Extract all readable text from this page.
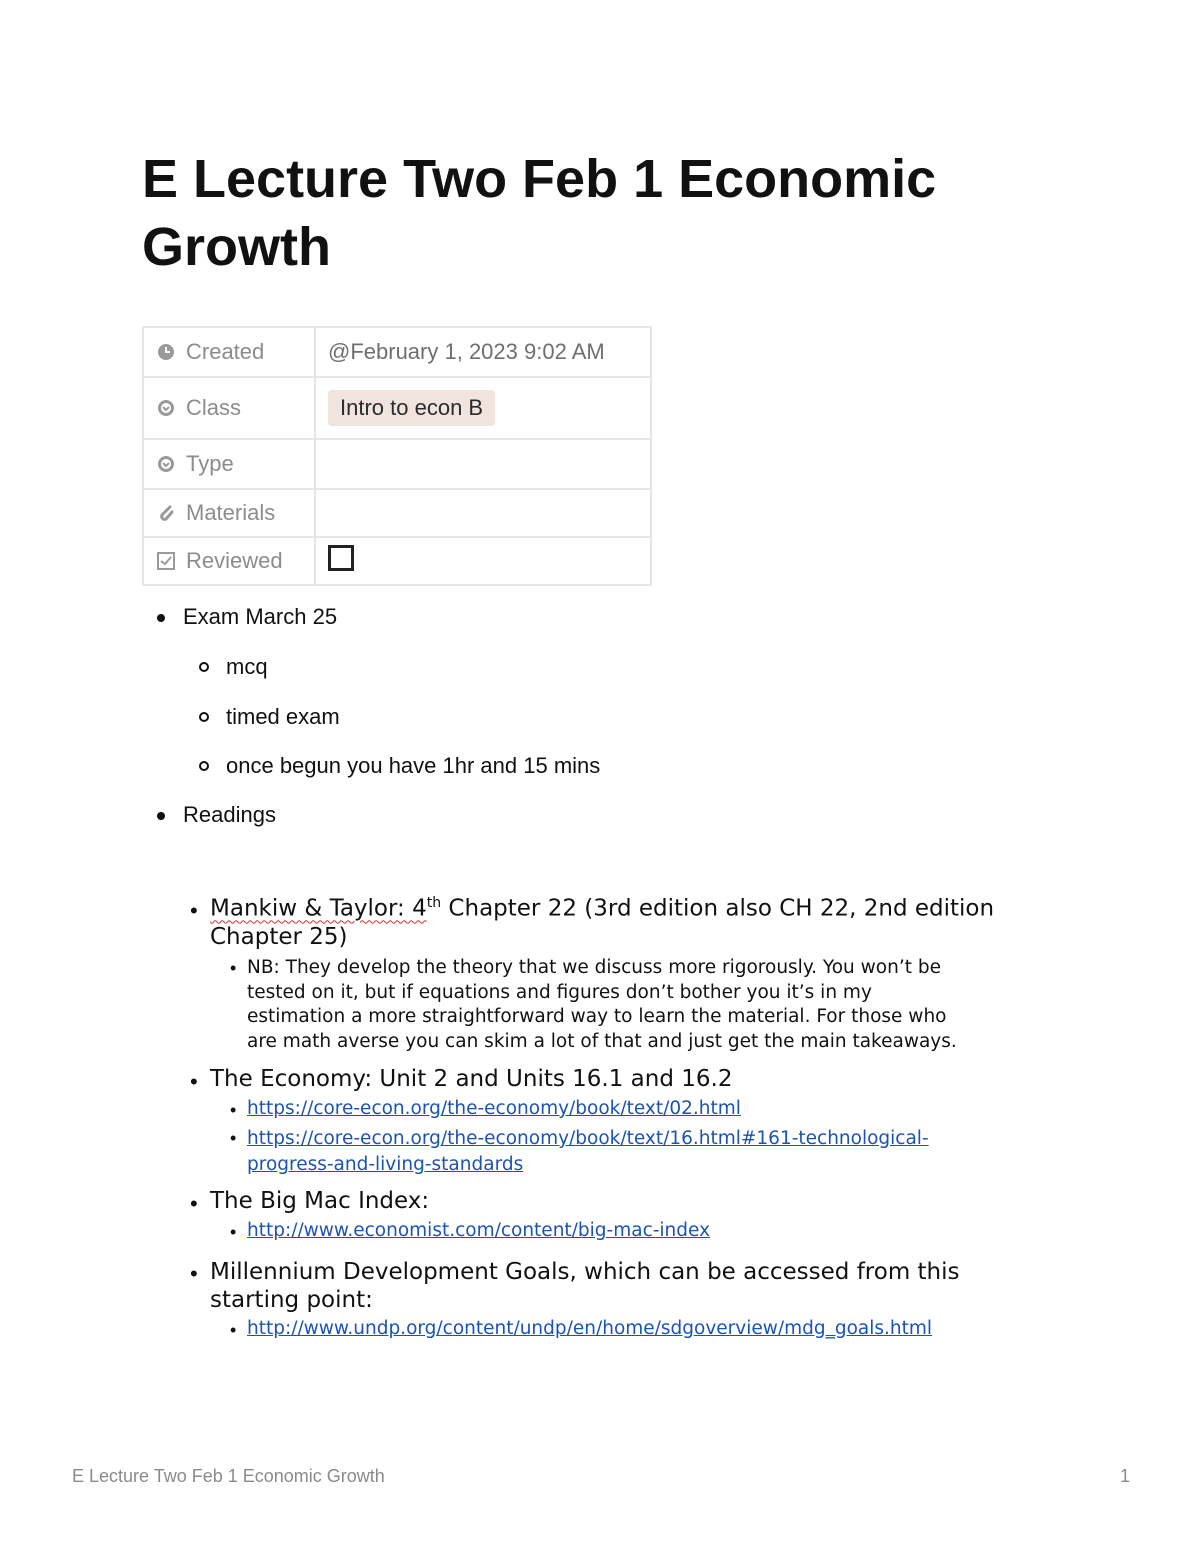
E Lecture Two Feb 1 Economic Growth
Created	@February 1, 2023 9:02 AM

Class	Intro to econ B

Type	

Materials	

Reviewed	

Exam March 25
mcq
timed exam
once begun you have 1hr and 15 mins
Readings
• Mankiw & Taylor: 4th Chapter 22 (3rd edition also CH 22, 2nd edition
Chapter 25)
• NB: They develop the theory that we discuss more rigorously. You won’t be
tested on it, but if equations and figures don’t bother you it’s in my
estimation a more straightforward way to learn the material. For those who
are math averse you can skim a lot of that and just get the main takeaways.
• The Economy: Unit 2 and Units 16.1 and 16.2
• https://core-econ.org/the-economy/book/text/02.html
• https://core-econ.org/the-economy/book/text/16.html#161-technological-
progress-and-living-standards
• The Big Mac Index:
• http://www.economist.com/content/big-mac-index
• Millennium Development Goals, which can be accessed from this
starting point:
• http://www.undp.org/content/undp/en/home/sdgoverview/mdg_goals.html
E Lecture Two Feb 1 Economic Growth	1
